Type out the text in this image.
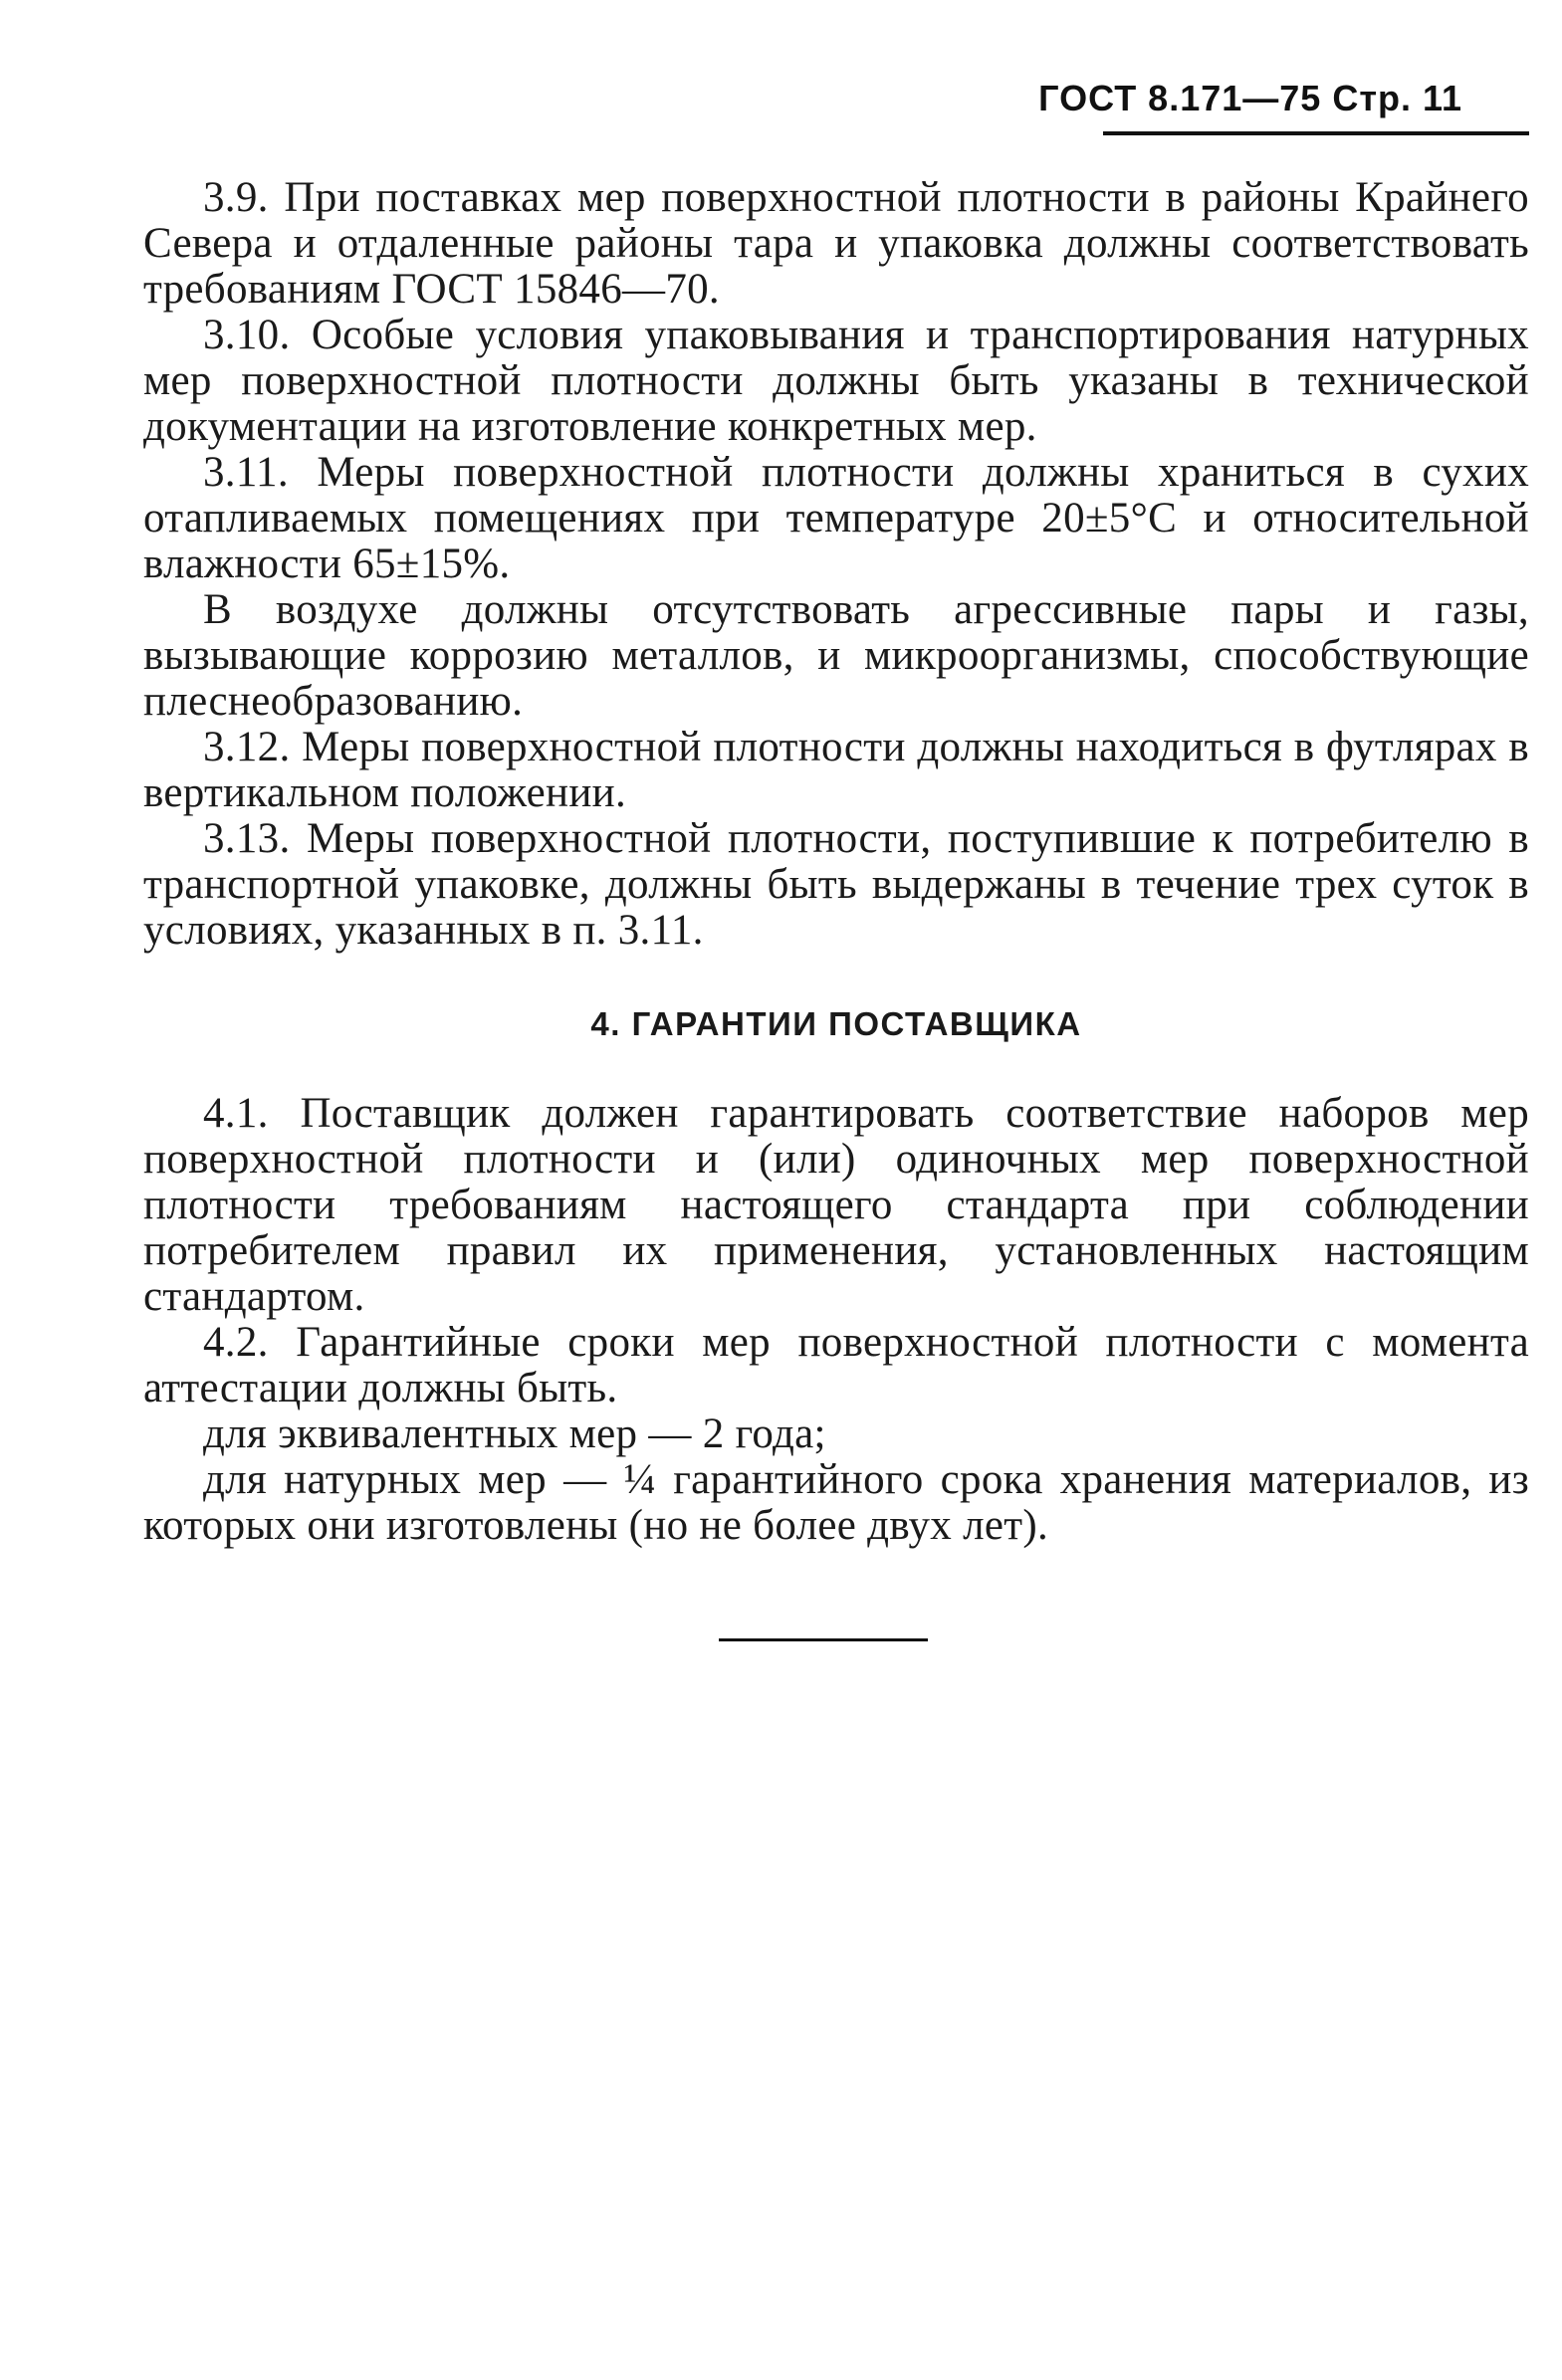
ГОСТ 8.171—75 Стр. 11

3.9. При поставках мер поверхностной плотности в районы Крайнего Севера и отдаленные районы тара и упаковка должны соответствовать требованиям ГОСТ 15846—70.

3.10. Особые условия упаковывания и транспортирования натурных мер поверхностной плотности должны быть указаны в технической документации на изготовление конкретных мер.

3.11. Меры поверхностной плотности должны храниться в сухих отапливаемых помещениях при температуре 20±5°С и относительной влажности 65±15%.

В воздухе должны отсутствовать агрессивные пары и газы, вызывающие коррозию металлов, и микроорганизмы, способствующие плеснеобразованию.

3.12. Меры поверхностной плотности должны находиться в футлярах в вертикальном положении.

3.13. Меры поверхностной плотности, поступившие к потребителю в транспортной упаковке, должны быть выдержаны в течение трех суток в условиях, указанных в п. 3.11.

4. ГАРАНТИИ ПОСТАВЩИКА

4.1. Поставщик должен гарантировать соответствие наборов мер поверхностной плотности и (или) одиночных мер поверхностной плотности требованиям настоящего стандарта при соблюдении потребителем правил их применения, установленных настоящим стандартом.

4.2. Гарантийные сроки мер поверхностной плотности с момента аттестации должны быть.

для эквивалентных мер — 2 года;

для натурных мер — ¼ гарантийного срока хранения материалов, из которых они изготовлены (но не более двух лет).
